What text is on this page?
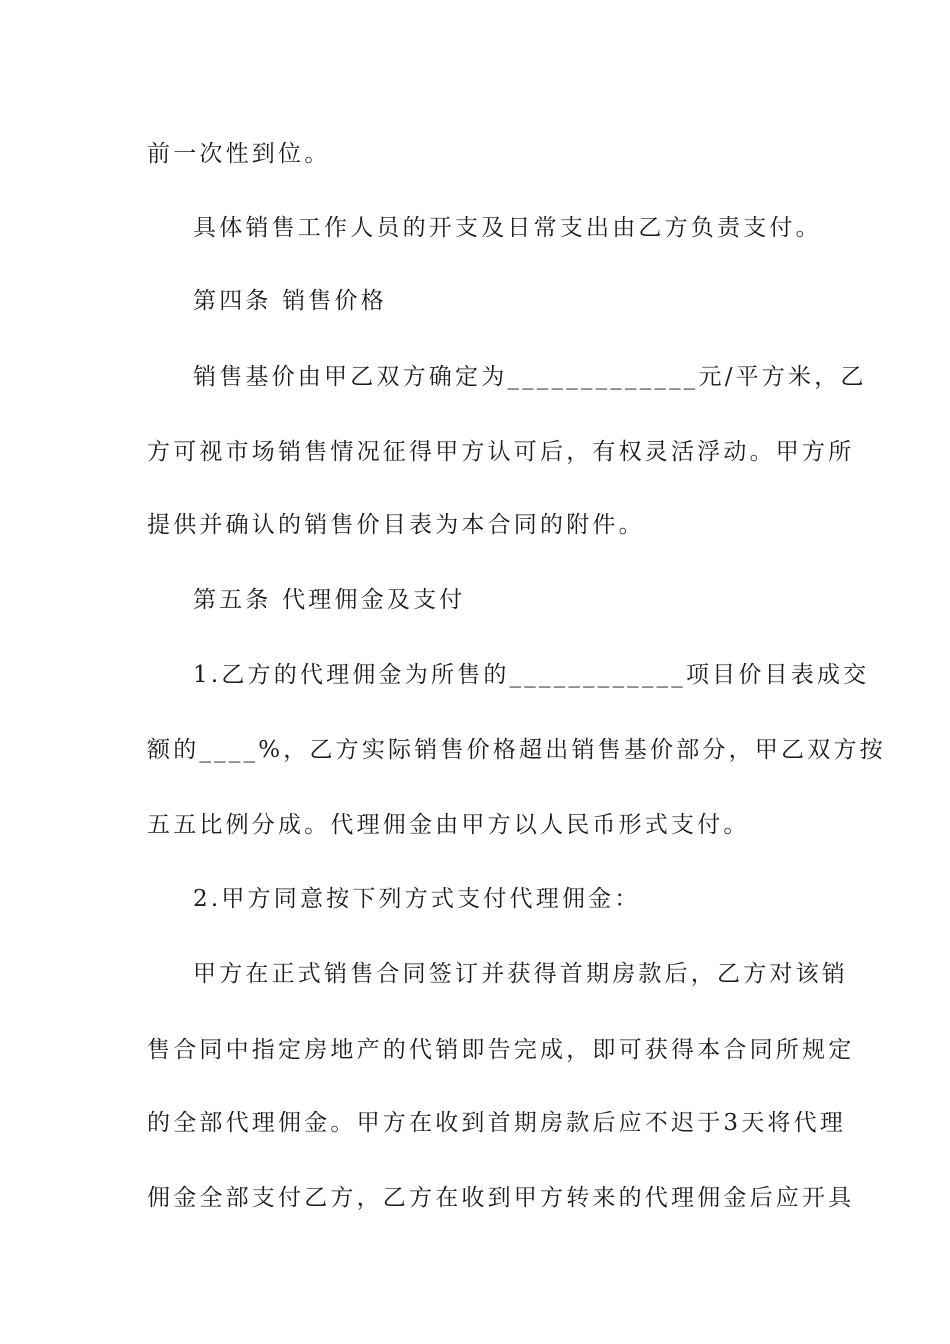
前一次性到位。
具体销售工作人员的开支及日常支出由乙方负责支付。
第四条 销售价格
销售基价由甲乙双方确定为_____________元/平方米，乙
方可视市场销售情况征得甲方认可后，有权灵活浮动。甲方所
提供并确认的销售价目表为本合同的附件。
第五条 代理佣金及支付
1.乙方的代理佣金为所售的____________项目价目表成交
额的____%，乙方实际销售价格超出销售基价部分，甲乙双方按
五五比例分成。代理佣金由甲方以人民币形式支付。
2.甲方同意按下列方式支付代理佣金：
甲方在正式销售合同签订并获得首期房款后，乙方对该销
售合同中指定房地产的代销即告完成，即可获得本合同所规定
的全部代理佣金。甲方在收到首期房款后应不迟于3天将代理
佣金全部支付乙方，乙方在收到甲方转来的代理佣金后应开具
